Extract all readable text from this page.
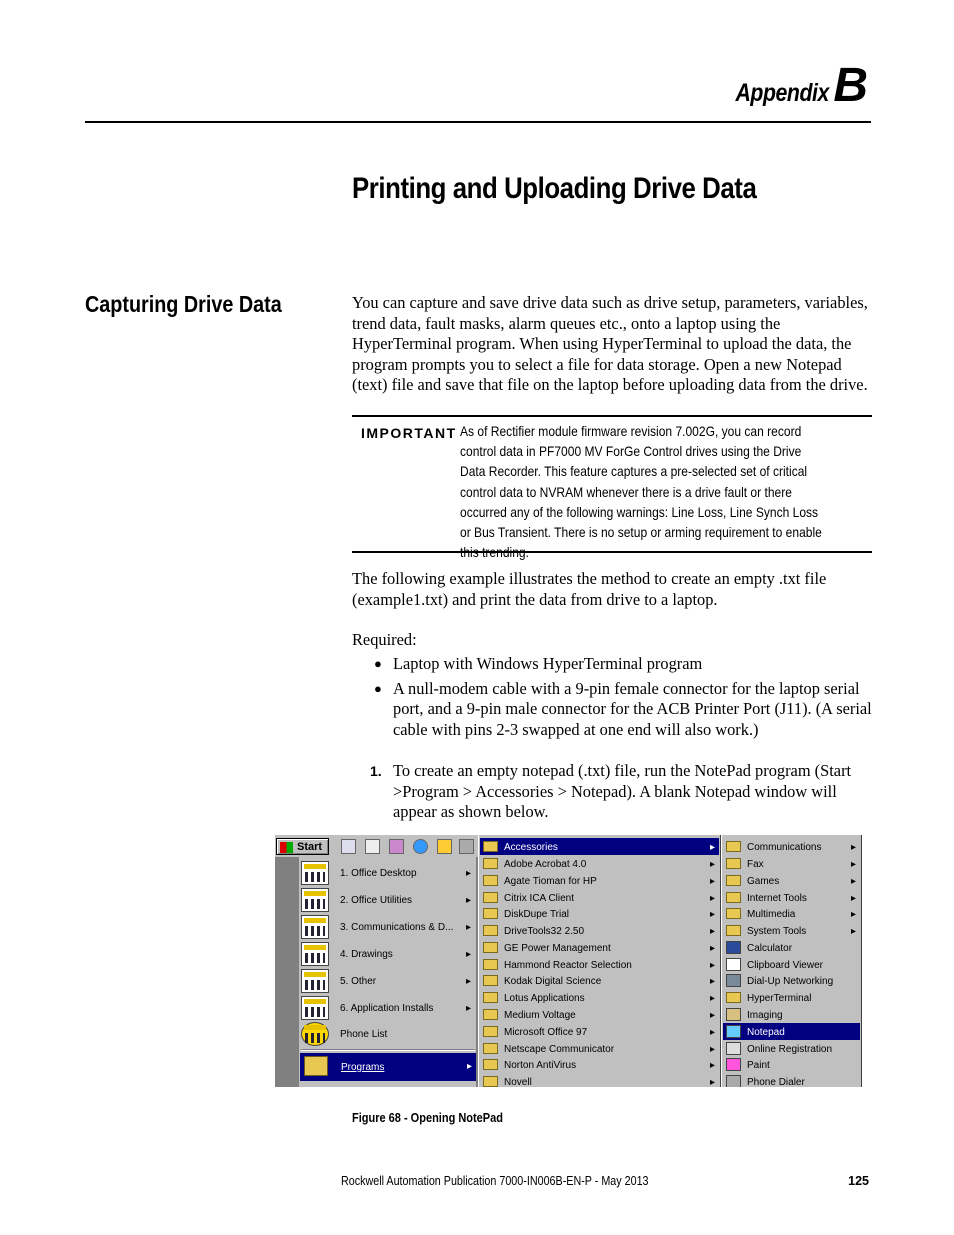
AppendixB
Printing and Uploading Drive Data
Capturing Drive Data	You can capture and save drive data such as drive setup, parameters, variables, trend data, fault masks, alarm queues etc., onto a laptop using the HyperTerminal program. When using HyperTerminal to upload the data, the program prompts you to select a file for data storage. Open a new Notepad (text) file and save that file on the laptop before uploading data from the drive.

IMPORTANT As of Rectifier module firmware revision 7.002G, you can record control data in PF7000 MV ForGe Control drives using the Drive Data Recorder. This feature captures a pre-selected set of critical control data to NVRAM whenever there is a drive fault or there occurred any of the following warnings: Line Loss, Line Synch Loss or Bus Transient. There is no setup or arming requirement to enable this trending.

The following example illustrates the method to create an empty .txt file (example1.txt) and print the data from drive to a laptop.

Required:

● Laptop with Windows HyperTerminal program
● A null-modem cable with a 9-pin female connector for the laptop serial port, and a 9-pin male connector for the ACB Printer Port (J11). (A serial cable with pins 2-3 swapped at one end will also work.)
1. To create an empty notepad (.txt) file, run the NotePad program (Start >Program > Accessories > Notepad). A blank Notepad window will appear as shown below.
Start
1. Office Desktop	▸
2. Office Utilities	▸
3. Communications & D... ▸
4. Drawings	▸
5. Other	▸
6. Application Installs	▸
Phone List
Programs	▸
Accessories	▸
Adobe Acrobat 4.0	▸
Agate Tioman for HP	▸
Citrix ICA Client	▸
DiskDupe Trial	▸
DriveTools32 2.50	▸
GE Power Management	▸
Hammond Reactor Selection	▸
Kodak Digital Science	▸
Lotus Applications	▸
Medium Voltage	▸
Microsoft Office 97	▸
Netscape Communicator	▸
Norton AntiVirus	▸
Novell	▸
Communications	▸
Fax	▸
Games	▸
Internet Tools	▸
Multimedia	▸
System Tools	▸
Calculator
Clipboard Viewer
Dial-Up Networking
HyperTerminal
Imaging
Notepad
Online Registration
Paint
Phone Dialer
Figure 68 - Opening NotePad
Rockwell Automation Publication 7000-IN006B-EN-P - May 2013	125
